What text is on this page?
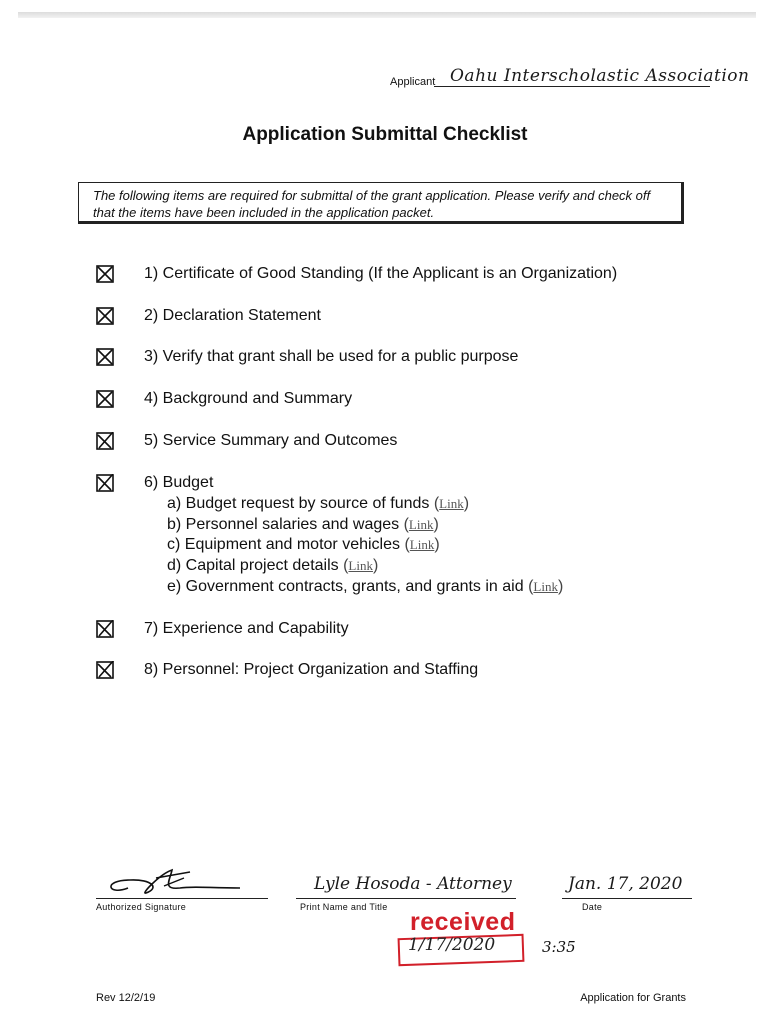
Applicant Oahu Interscholastic Association
Application Submittal Checklist
The following items are required for submittal of the grant application. Please verify and check off that the items have been included in the application packet.
1) Certificate of Good Standing (If the Applicant is an Organization)
2) Declaration Statement
3) Verify that grant shall be used for a public purpose
4) Background and Summary
5) Service Summary and Outcomes
6) Budget
a) Budget request by source of funds (Link)
b) Personnel salaries and wages (Link)
c) Equipment and motor vehicles (Link)
d) Capital project details (Link)
e) Government contracts, grants, and grants in aid (Link)
7) Experience and Capability
8) Personnel: Project Organization and Staffing
Authorized Signature
Lyle Hosoda - Attorney
Print Name and Title
Jan. 17, 2020
Date
received
1/17/2020	3:35
Rev 12/2/19	Application for Grants
